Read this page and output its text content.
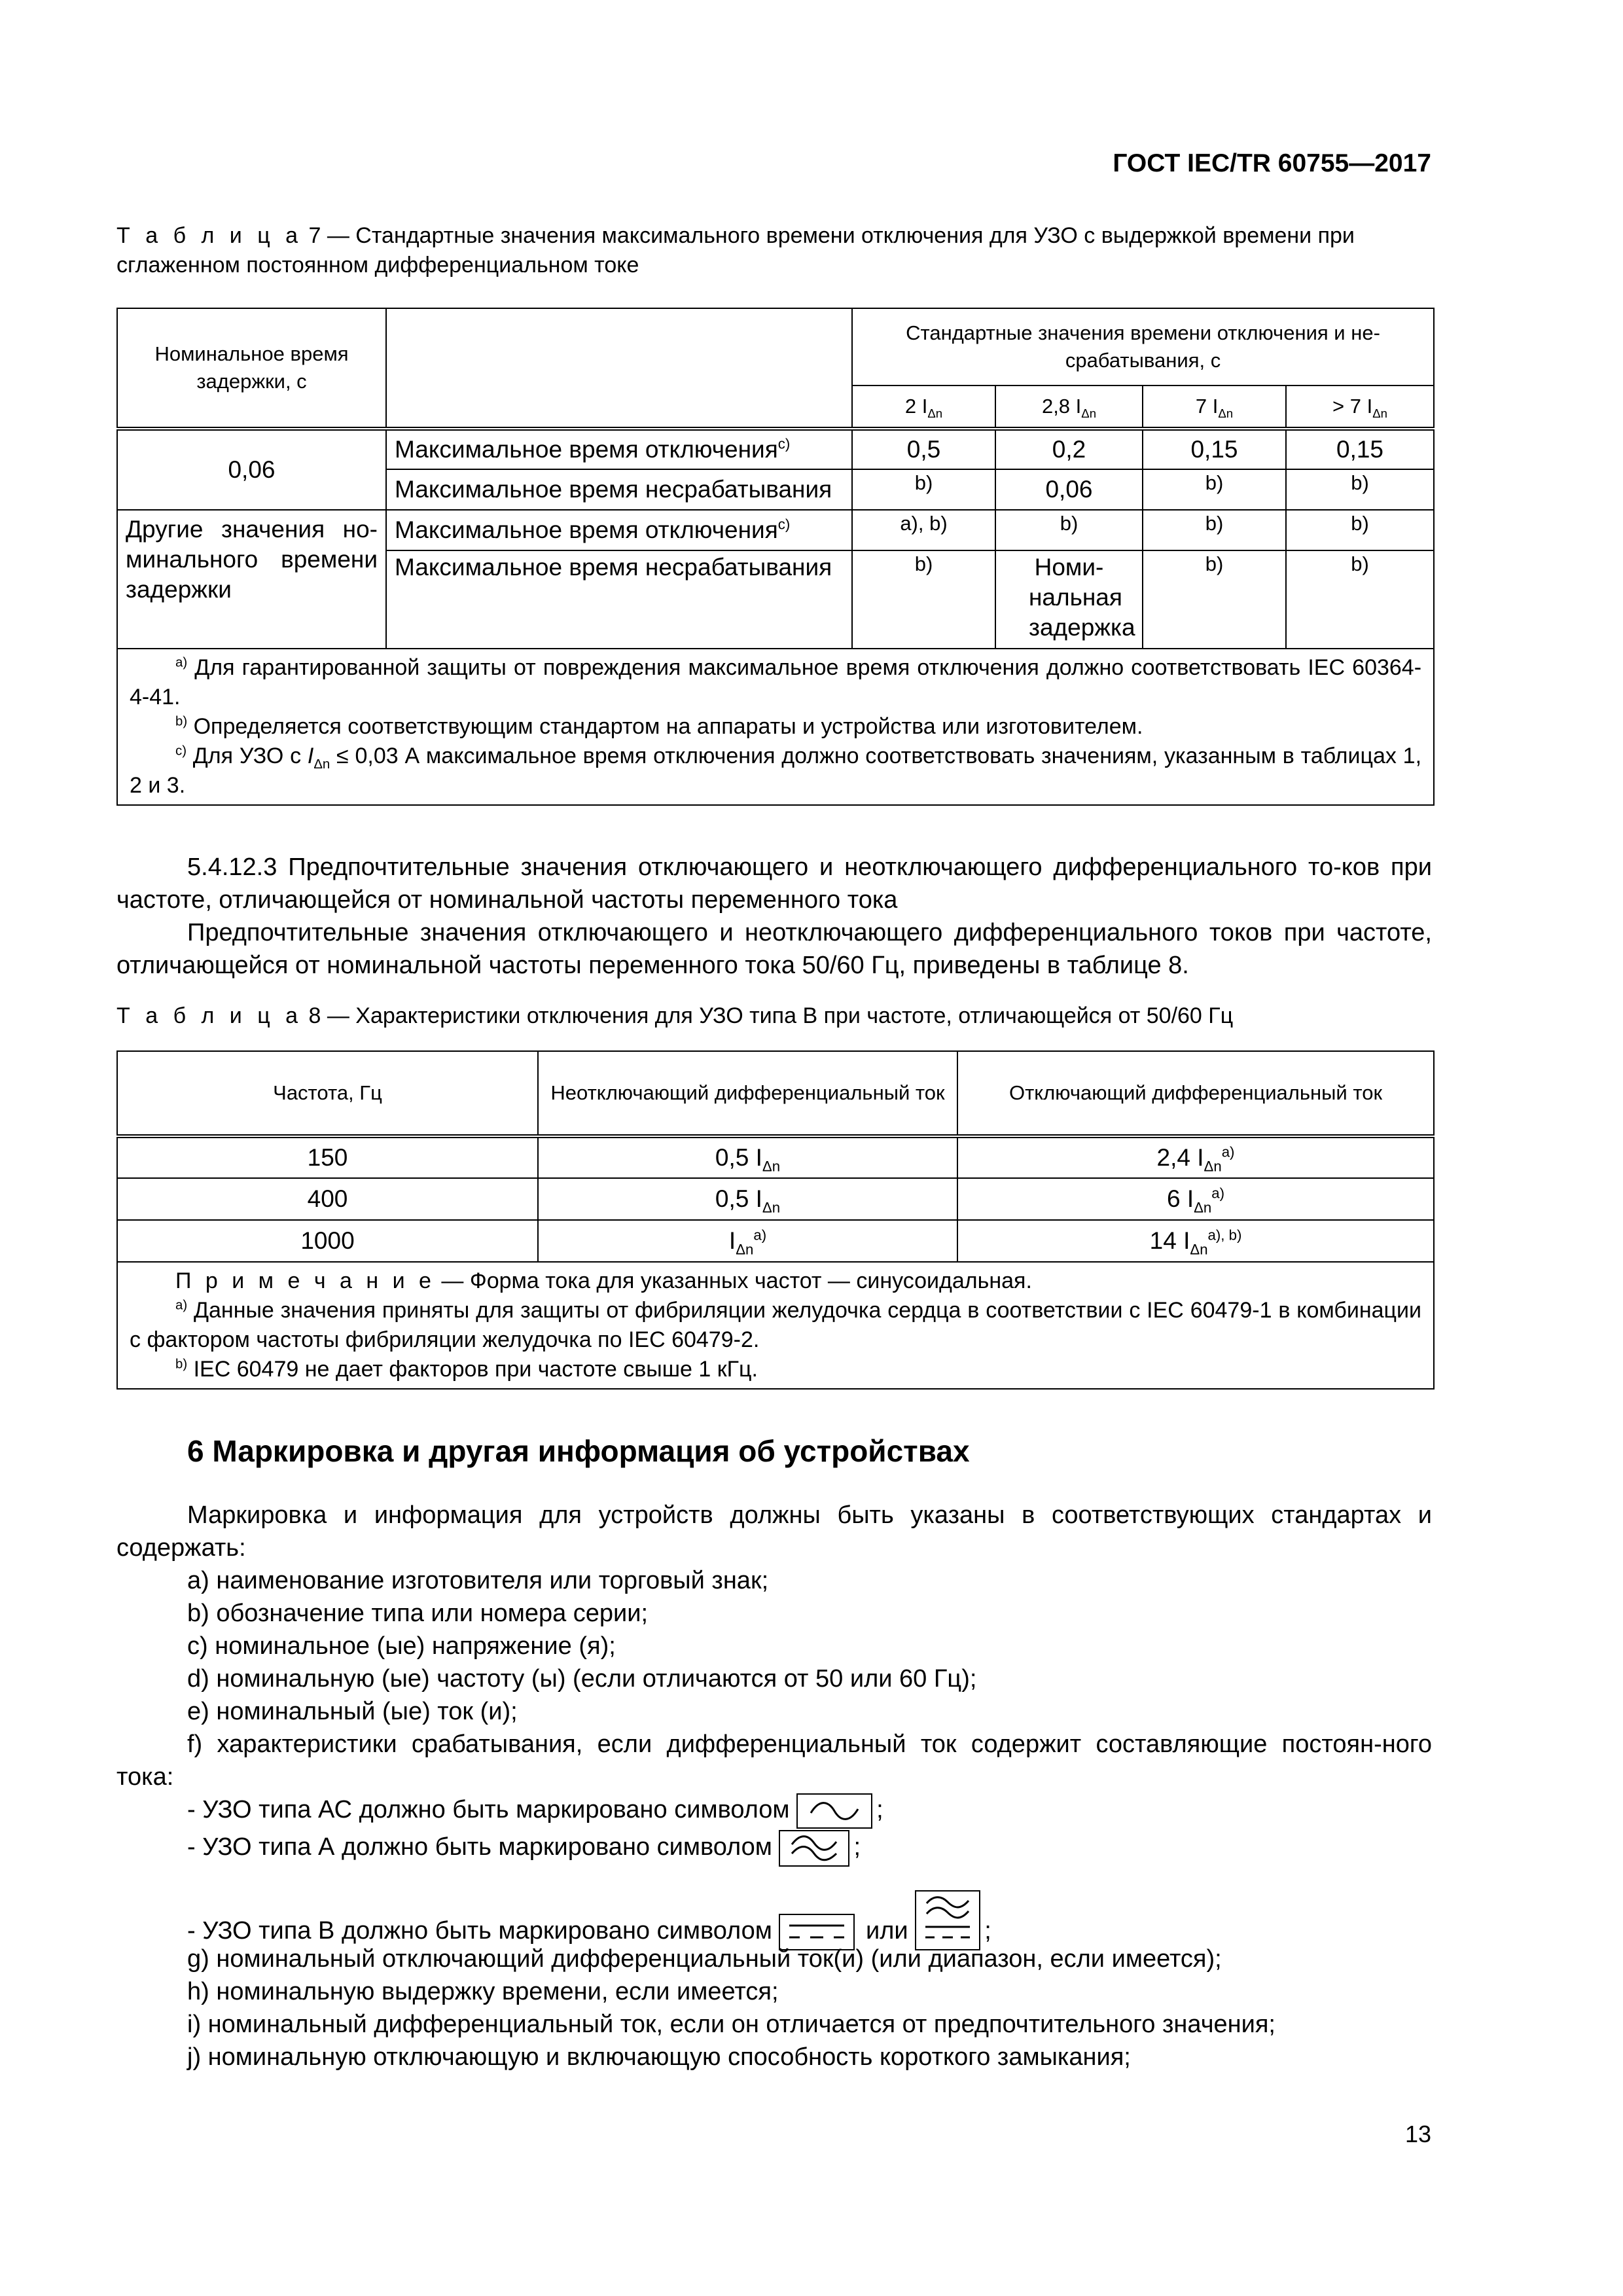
ГОСТ IEC/TR 60755—2017
Т а б л и ц а 7 — Стандартные значения максимального времени отключения для УЗО с выдержкой времени при сглаженном постоянном дифференциальном токе
Номинальное время задержки, с		Стандартные значения времени отключения и не-срабатывания, с			
		2 $I_{\Delta n}$	2,8 $I_{\Delta n}$	7 $I_{\Delta n}$	> 7 $I_{\Delta n}$
0,06	Максимальное время отключения$^{c)}$	0,5	0,2	0,15	0,15
	Максимальное время несрабатывания	b)	0,06	b)	b)
Другие значения но-минального времени задержки	Максимальное время отключения$^{c)}$	a), b)	b)	b)	b)
	Максимальное время несрабатывания	b)	Номи-нальная задержка	b)	b)

$^{a)}$ Для гарантированной защиты от повреждения максимальное время отключения должно соответствовать IEC 60364-4-41.
$^{b)}$ Определяется соответствующим стандартом на аппараты и устройства или изготовителем.
$^{c)}$ Для УЗО с $I_{\Delta n} \le 0,03$ А максимальное время отключения должно соответствовать значениям, указанным в таблицах 1, 2 и 3.					
5.4.12.3 Предпочтительные значения отключающего и неотключающего дифференциального то-ков при частоте, отличающейся от номинальной частоты переменного тока
Предпочтительные значения отключающего и неотключающего дифференциального токов при частоте, отличающейся от номинальной частоты переменного тока 50/60 Гц, приведены в таблице 8.
Т а б л и ц а 8 — Характеристики отключения для УЗО типа В при частоте, отличающейся от 50/60 Гц
Частота, Гц	Неотключающий дифференциальный ток	Отключающий дифференциальный ток
150	0,5 $I_{\Delta n}$	2,4 $I_{\Delta n}^{a)}$
400	0,5 $I_{\Delta n}$	6 $I_{\Delta n}^{a)}$
1000	$I_{\Delta n}^{a)}$	14 $I_{\Delta n}^{a), b)}$

П р и м е ч а н и е — Форма тока для указанных частот — синусоидальная.
$^{a)}$ Данные значения приняты для защиты от фибриляции желудочка сердца в соответствии с IEC 60479-1 в комбинации с фактором частоты фибриляции желудочка по IEC 60479-2.
$^{b)}$ IEC 60479 не дает факторов при частоте свыше 1 кГц.		
6 Маркировка и другая информация об устройствах
Маркировка и информация для устройств должны быть указаны в соответствующих стандартах и содержать:
а) наименование изготовителя или торговый знак;
b) обозначение типа или номера серии;
с) номинальное (ые) напряжение (я);
d) номинальную (ые) частоту (ы) (если отличаются от 50 или 60 Гц);
е) номинальный (ые) ток (и);
f) характеристики срабатывания, если дифференциальный ток содержит составляющие постоян-ного тока:
- УЗО типа АС должно быть маркировано символом	;
- УЗО типа А должно быть маркировано символом	;
- УЗО типа В должно быть маркировано символом	или	;
g) номинальный отключающий дифференциальный ток(и) (или диапазон, если имеется);
h) номинальную выдержку времени, если имеется;
i) номинальный дифференциальный ток, если он отличается от предпочтительного значения;
j) номинальную отключающую и включающую способность короткого замыкания;
13
